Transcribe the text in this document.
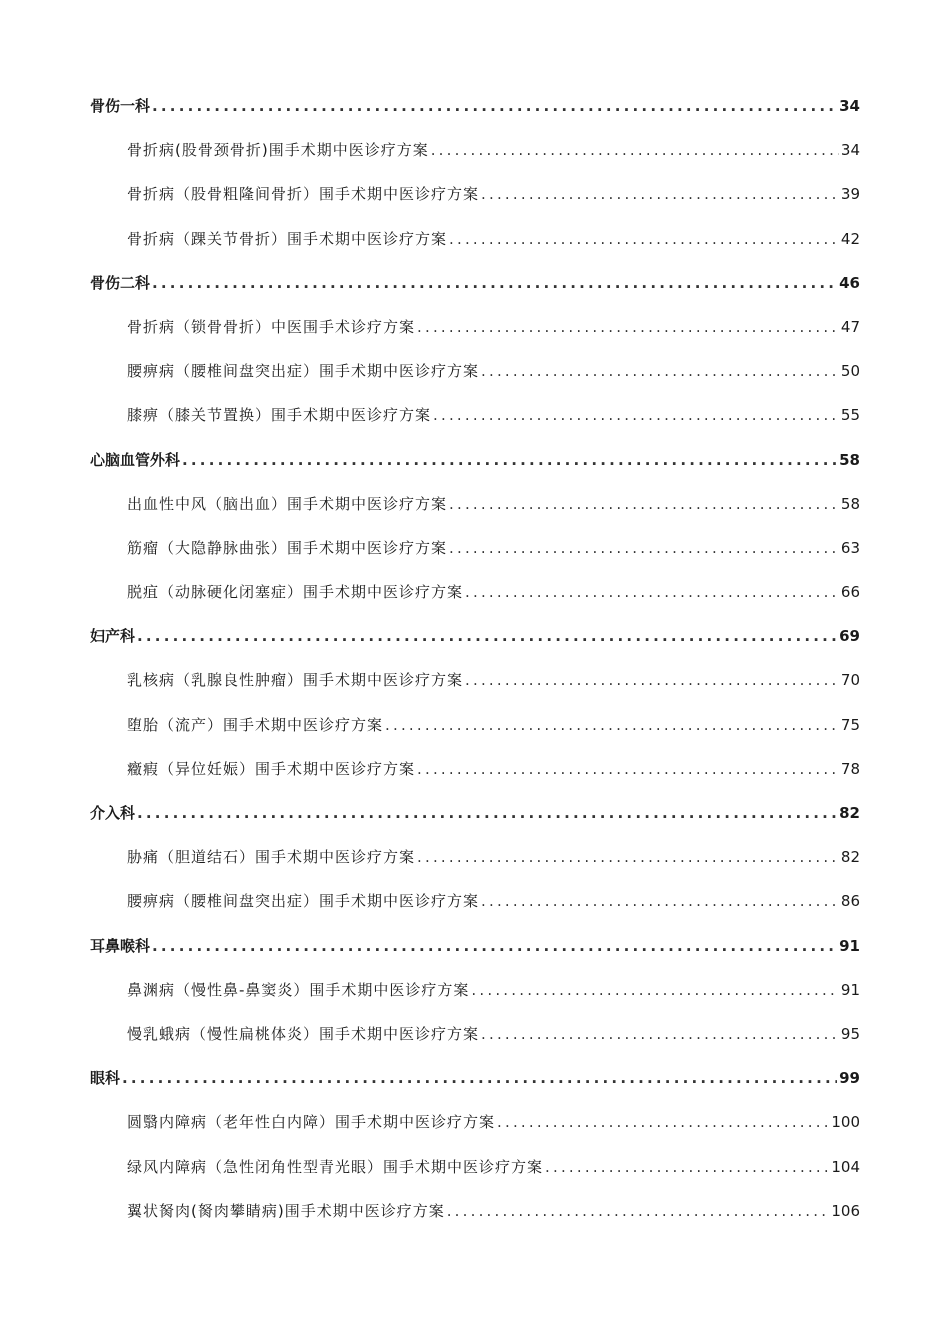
骨伤一科 .....	34
骨折病(股骨颈骨折)围手术期中医诊疗方案 .....	34
骨折病（股骨粗隆间骨折）围手术期中医诊疗方案 .....	39
骨折病（踝关节骨折）围手术期中医诊疗方案 .....	42
骨伤二科 .....	46
骨折病（锁骨骨折）中医围手术诊疗方案 .....	47
腰痹病（腰椎间盘突出症）围手术期中医诊疗方案 .....	50
膝痹（膝关节置换）围手术期中医诊疗方案 .....	55
心脑血管外科 .....	58
出血性中风（脑出血）围手术期中医诊疗方案 .....	58
筋瘤（大隐静脉曲张）围手术期中医诊疗方案 .....	63
脱疽（动脉硬化闭塞症）围手术期中医诊疗方案 .....	66
妇产科 .....	69
乳核病（乳腺良性肿瘤）围手术期中医诊疗方案 .....	70
堕胎（流产）围手术期中医诊疗方案 .....	75
癥瘕（异位妊娠）围手术期中医诊疗方案 .....	78
介入科 .....	82
胁痛（胆道结石）围手术期中医诊疗方案 .....	82
腰痹病（腰椎间盘突出症）围手术期中医诊疗方案 .....	86
耳鼻喉科 .....	91
鼻渊病（慢性鼻-鼻窦炎）围手术期中医诊疗方案 .....	91
慢乳蛾病（慢性扁桃体炎）围手术期中医诊疗方案 .....	95
眼科 .....	99
圆翳内障病（老年性白内障）围手术期中医诊疗方案 .....	100
绿风内障病（急性闭角性型青光眼）围手术期中医诊疗方案 .....	104
翼状胬肉(胬肉攀睛病)围手术期中医诊疗方案 .....	106
